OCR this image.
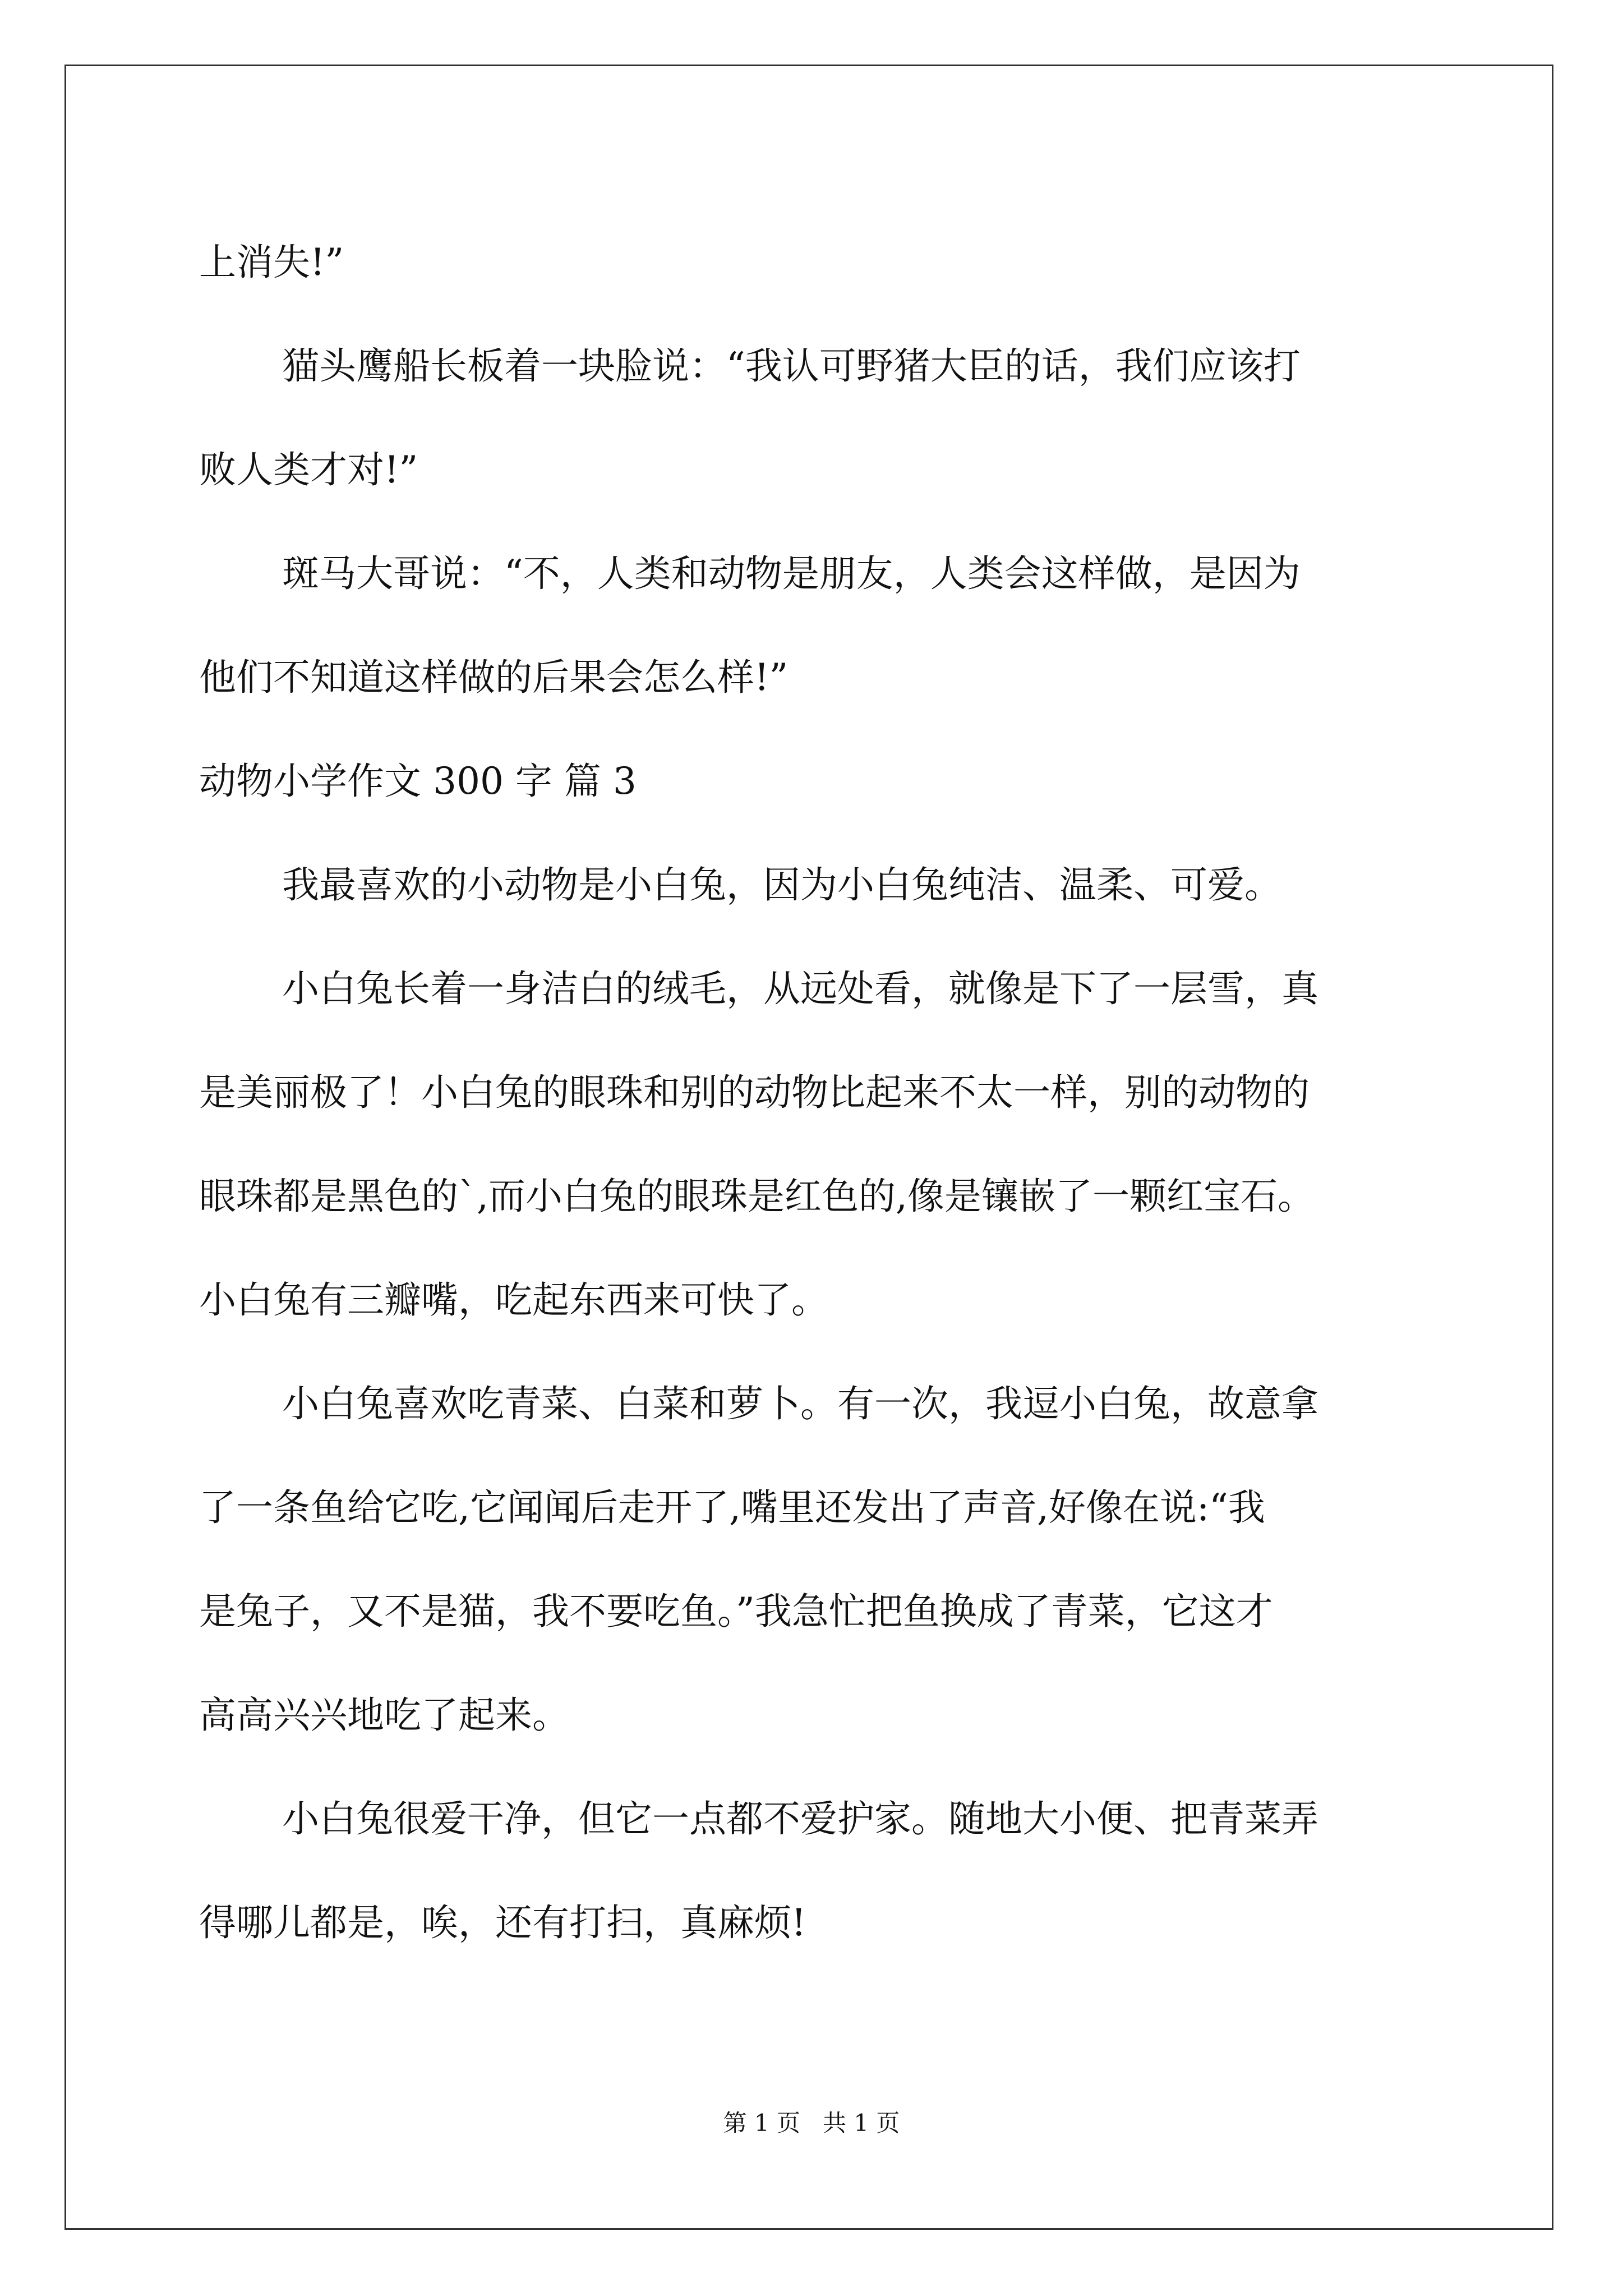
上消失!”
猫头鹰船长板着一块脸说：“我认可野猪大臣的话，我们应该打
败人类才对!”
斑马大哥说：“不，人类和动物是朋友，人类会这样做，是因为
他们不知道这样做的后果会怎么样!”
动物小学作文 300 字 篇 3
我最喜欢的小动物是小白兔，因为小白兔纯洁、温柔、可爱。
小白兔长着一身洁白的绒毛，从远处看，就像是下了一层雪，真
是美丽极了！小白兔的眼珠和别的动物比起来不太一样，别的动物的
眼珠都是黑色的`,而小白兔的眼珠是红色的,像是镶嵌了一颗红宝石。
小白兔有三瓣嘴，吃起东西来可快了。
小白兔喜欢吃青菜、白菜和萝卜。有一次，我逗小白兔，故意拿
了一条鱼给它吃,它闻闻后走开了,嘴里还发出了声音,好像在说:“我
是兔子，又不是猫，我不要吃鱼。”我急忙把鱼换成了青菜，它这才
高高兴兴地吃了起来。
小白兔很爱干净，但它一点都不爱护家。随地大小便、把青菜弄
得哪儿都是，唉，还有打扫，真麻烦!
第 1 页 共 1 页
